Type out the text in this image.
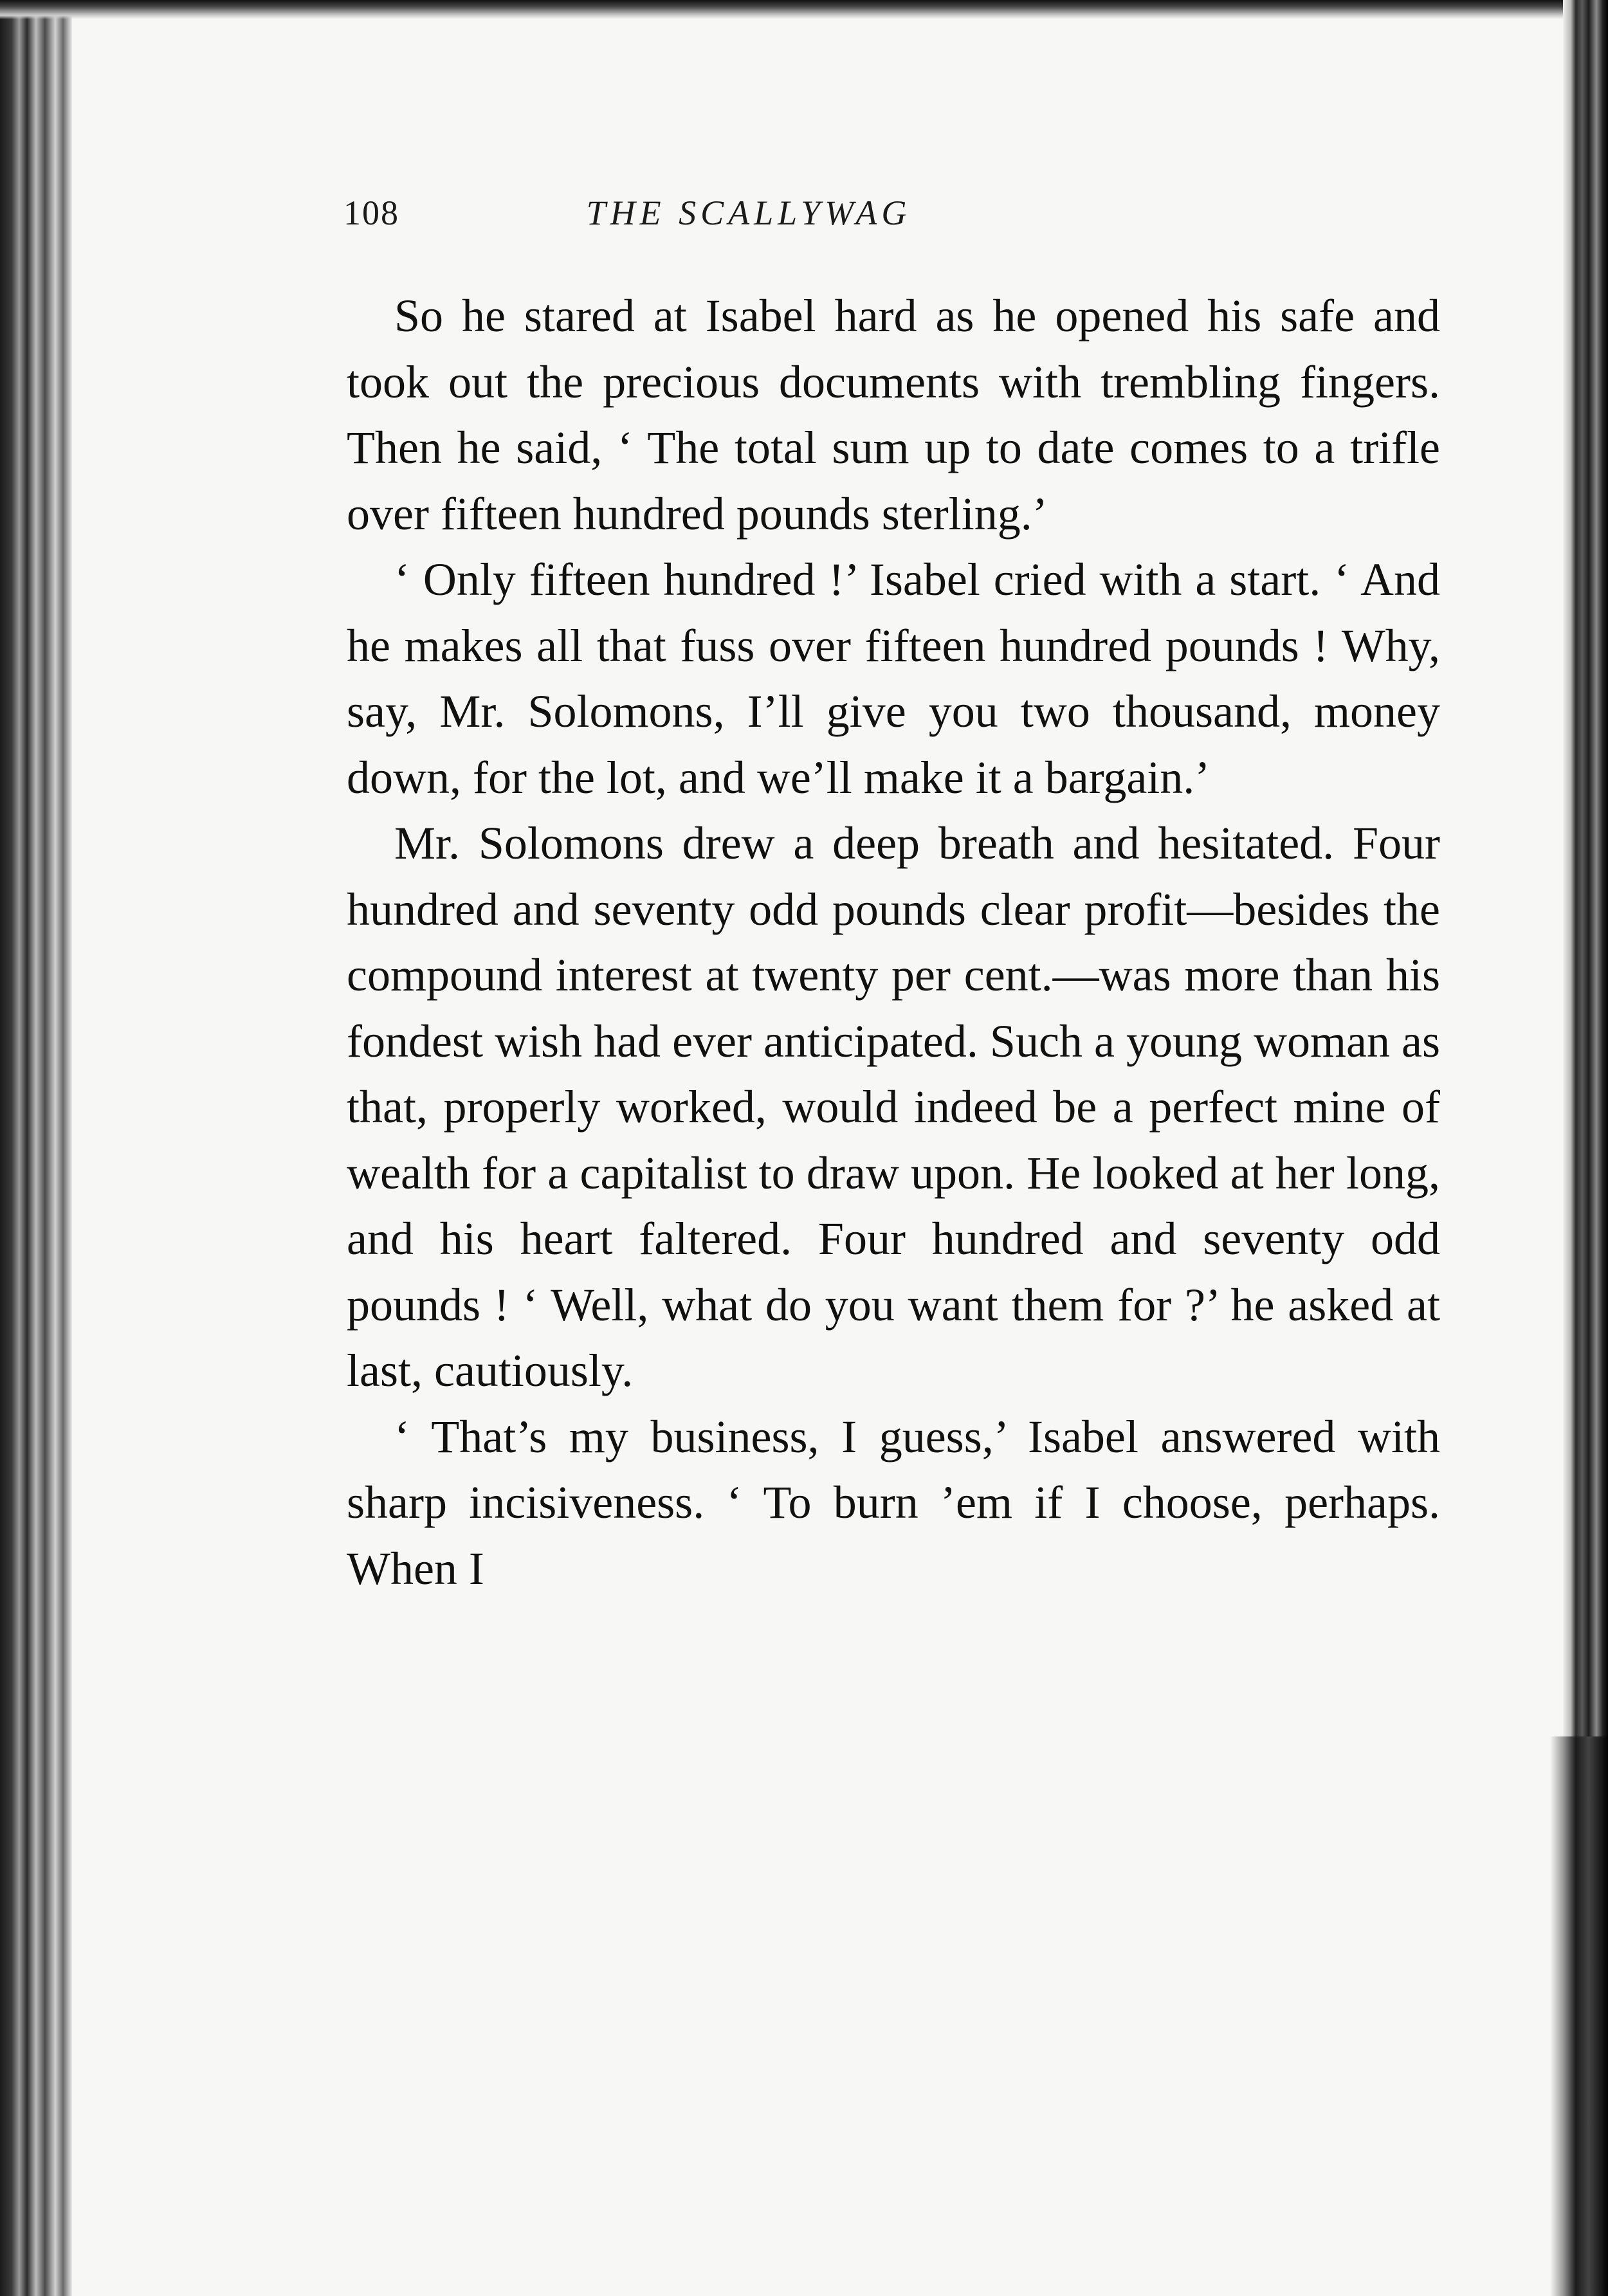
108	THE SCALLYWAG

So he stared at Isabel hard as he opened his safe and took out the precious documents with trembling fingers. Then he said, ‘ The total sum up to date comes to a trifle over fifteen hundred pounds sterling.’

‘ Only fifteen hundred !’ Isabel cried with a start. ‘ And he makes all that fuss over fifteen hundred pounds ! Why, say, Mr. Solomons, I’ll give you two thousand, money down, for the lot, and we’ll make it a bargain.’

Mr. Solomons drew a deep breath and hesitated. Four hundred and seventy odd pounds clear profit—besides the compound interest at twenty per cent.—was more than his fondest wish had ever anticipated. Such a young woman as that, properly worked, would indeed be a perfect mine of wealth for a capitalist to draw upon. He looked at her long, and his heart faltered. Four hundred and seventy odd pounds ! ‘ Well, what do you want them for ?’ he asked at last, cautiously.

‘ That’s my business, I guess,’ Isabel answered with sharp incisiveness. ‘ To burn ’em if I choose, perhaps. When I
